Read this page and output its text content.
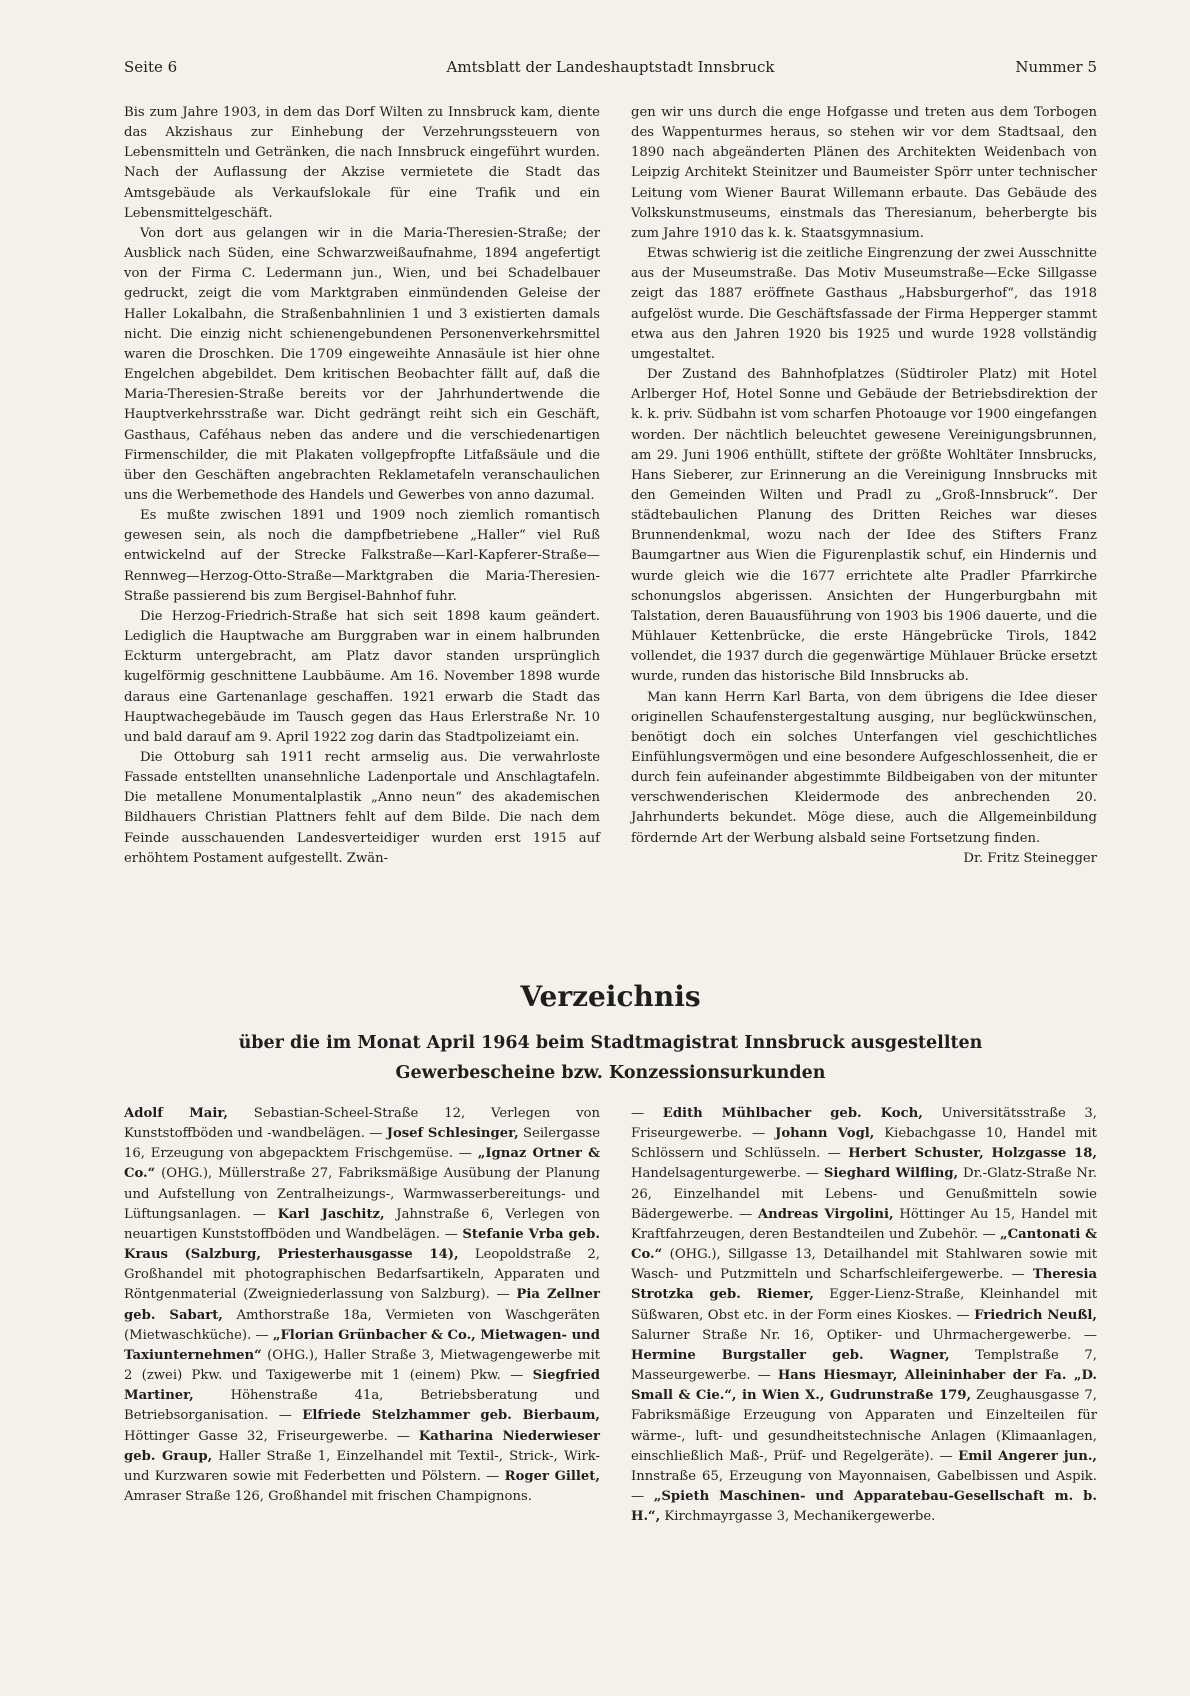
Seite 6	Amtsblatt der Landeshauptstadt Innsbruck	Nummer 5

Bis zum Jahre 1903, in dem das Dorf Wilten zu Innsbruck kam, diente das Akzishaus zur Einhebung der Verzehrungssteuern von Lebensmitteln und Getränken, die nach Innsbruck eingeführt wurden. Nach der Auflassung der Akzise vermietete die Stadt das Amtsgebäude als Verkaufslokale für eine Trafik und ein Lebensmittelgeschäft.

Von dort aus gelangen wir in die Maria-Theresien-Straße; der Ausblick nach Süden, eine Schwarzweißaufnahme, 1894 angefertigt von der Firma C. Ledermann jun., Wien, und bei Schadelbauer gedruckt, zeigt die vom Marktgraben einmündenden Geleise der Haller Lokalbahn, die Straßenbahnlinien 1 und 3 existierten damals nicht. Die einzig nicht schienengebundenen Personenverkehrsmittel waren die Droschken. Die 1709 eingeweihte Annasäule ist hier ohne Engelchen abgebildet. Dem kritischen Beobachter fällt auf, daß die Maria-Theresien-Straße bereits vor der Jahrhundertwende die Hauptverkehrsstraße war. Dicht gedrängt reiht sich ein Geschäft, Gasthaus, Caféhaus neben das andere und die verschiedenartigen Firmenschilder, die mit Plakaten vollgepfropfte Litfaßsäule und die über den Geschäften angebrachten Reklametafeln veranschaulichen uns die Werbemethode des Handels und Gewerbes von anno dazumal.

Es mußte zwischen 1891 und 1909 noch ziemlich romantisch gewesen sein, als noch die dampfbetriebene „Haller“ viel Ruß entwickelnd auf der Strecke Falkstraße—Karl-Kapferer-Straße—Rennweg—Herzog-Otto-Straße—Marktgraben die Maria-Theresien-Straße passierend bis zum Bergisel-Bahnhof fuhr.

Die Herzog-Friedrich-Straße hat sich seit 1898 kaum geändert. Lediglich die Hauptwache am Burggraben war in einem halbrunden Eckturm untergebracht, am Platz davor standen ursprünglich kugelförmig geschnittene Laubbäume. Am 16. November 1898 wurde daraus eine Gartenanlage geschaffen. 1921 erwarb die Stadt das Hauptwachegebäude im Tausch gegen das Haus Erlerstraße Nr. 10 und bald darauf am 9. April 1922 zog darin das Stadtpolizeiamt ein.

Die Ottoburg sah 1911 recht armselig aus. Die verwahrloste Fassade entstellten unansehnliche Ladenportale und Anschlagtafeln. Die metallene Monumentalplastik „Anno neun“ des akademischen Bildhauers Christian Plattners fehlt auf dem Bilde. Die nach dem Feinde ausschauenden Landesverteidiger wurden erst 1915 auf erhöhtem Postament aufgestellt. Zwän-

gen wir uns durch die enge Hofgasse und treten aus dem Torbogen des Wappenturmes heraus, so stehen wir vor dem Stadtsaal, den 1890 nach abgeänderten Plänen des Architekten Weidenbach von Leipzig Architekt Steinitzer und Baumeister Spörr unter technischer Leitung vom Wiener Baurat Willemann erbaute. Das Gebäude des Volkskunstmuseums, einstmals das Theresianum, beherbergte bis zum Jahre 1910 das k. k. Staatsgymnasium.

Etwas schwierig ist die zeitliche Eingrenzung der zwei Ausschnitte aus der Museumstraße. Das Motiv Museumstraße—Ecke Sillgasse zeigt das 1887 eröffnete Gasthaus „Habsburgerhof“, das 1918 aufgelöst wurde. Die Geschäftsfassade der Firma Hepperger stammt etwa aus den Jahren 1920 bis 1925 und wurde 1928 vollständig umgestaltet.

Der Zustand des Bahnhofplatzes (Südtiroler Platz) mit Hotel Arlberger Hof, Hotel Sonne und Gebäude der Betriebsdirektion der k. k. priv. Südbahn ist vom scharfen Photoauge vor 1900 eingefangen worden. Der nächtlich beleuchtet gewesene Vereinigungsbrunnen, am 29. Juni 1906 enthüllt, stiftete der größte Wohltäter Innsbrucks, Hans Sieberer, zur Erinnerung an die Vereinigung Innsbrucks mit den Gemeinden Wilten und Pradl zu „Groß-Innsbruck“. Der städtebaulichen Planung des Dritten Reiches war dieses Brunnendenkmal, wozu nach der Idee des Stifters Franz Baumgartner aus Wien die Figurenplastik schuf, ein Hindernis und wurde gleich wie die 1677 errichtete alte Pradler Pfarrkirche schonungslos abgerissen. Ansichten der Hungerburgbahn mit Talstation, deren Bauausführung von 1903 bis 1906 dauerte, und die Mühlauer Kettenbrücke, die erste Hängebrücke Tirols, 1842 vollendet, die 1937 durch die gegenwärtige Mühlauer Brücke ersetzt wurde, runden das historische Bild Innsbrucks ab.

Man kann Herrn Karl Barta, von dem übrigens die Idee dieser originellen Schaufenstergestaltung ausging, nur beglückwünschen, benötigt doch ein solches Unterfangen viel geschichtliches Einfühlungsvermögen und eine besondere Aufgeschlossenheit, die er durch fein aufeinander abgestimmte Bildbeigaben von der mitunter verschwenderischen Kleidermode des anbrechenden 20. Jahrhunderts bekundet. Möge diese, auch die Allgemeinbildung fördernde Art der Werbung alsbald seine Fortsetzung finden.
Dr. Fritz Steinegger

Verzeichnis
über die im Monat April 1964 beim Stadtmagistrat Innsbruck ausgestellten
Gewerbescheine bzw. Konzessionsurkunden

Adolf Mair, Sebastian-Scheel-Straße 12, Verlegen von Kunststoffböden und -wandbelägen. — Josef Schlesinger, Seilergasse 16, Erzeugung von abgepacktem Frischgemüse. — „Ignaz Ortner & Co.“ (OHG.), Müllerstraße 27, Fabriksmäßige Ausübung der Planung und Aufstellung von Zentralheizungs-, Warmwasserbereitungs- und Lüftungsanlagen. — Karl Jaschitz, Jahnstraße 6, Verlegen von neuartigen Kunststoffböden und Wandbelägen. — Stefanie Vrba geb. Kraus (Salzburg, Priesterhausgasse 14), Leopoldstraße 2, Großhandel mit photographischen Bedarfsartikeln, Apparaten und Röntgenmaterial (Zweigniederlassung von Salzburg). — Pia Zellner geb. Sabart, Amthorstraße 18a, Vermieten von Waschgeräten (Mietwaschküche). — „Florian Grünbacher & Co., Mietwagen- und Taxiunternehmen“ (OHG.), Haller Straße 3, Mietwagengewerbe mit 2 (zwei) Pkw. und Taxigewerbe mit 1 (einem) Pkw. — Siegfried Martiner, Höhenstraße 41a, Betriebsberatung und Betriebsorganisation. — Elfriede Stelzhammer geb. Bierbaum, Höttinger Gasse 32, Friseurgewerbe. — Katharina Niederwieser geb. Graup, Haller Straße 1, Einzelhandel mit Textil-, Strick-, Wirk- und Kurzwaren sowie mit Federbetten und Pölstern. — Roger Gillet, Amraser Straße 126, Großhandel mit frischen Champignons.

— Edith Mühlbacher geb. Koch, Universitätsstraße 3, Friseurgewerbe. — Johann Vogl, Kiebachgasse 10, Handel mit Schlössern und Schlüsseln. — Herbert Schuster, Holzgasse 18, Handelsagenturgewerbe. — Sieghard Wilfling, Dr.-Glatz-Straße Nr. 26, Einzelhandel mit Lebens- und Genußmitteln sowie Bädergewerbe. — Andreas Virgolini, Höttinger Au 15, Handel mit Kraftfahrzeugen, deren Bestandteilen und Zubehör. — „Cantonati & Co.“ (OHG.), Sillgasse 13, Detailhandel mit Stahlwaren sowie mit Wasch- und Putzmitteln und Scharfschleifergewerbe. — Theresia Strotzka geb. Riemer, Egger-Lienz-Straße, Kleinhandel mit Süßwaren, Obst etc. in der Form eines Kioskes. — Friedrich Neußl, Salurner Straße Nr. 16, Optiker- und Uhrmachergewerbe. — Hermine Burgstaller geb. Wagner, Templstraße 7, Masseurgewerbe. — Hans Hiesmayr, Alleininhaber der Fa. „D. Small & Cie.“, in Wien X., Gudrunstraße 179, Zeughausgasse 7, Fabriksmäßige Erzeugung von Apparaten und Einzelteilen für wärme-, luft- und gesundheitstechnische Anlagen (Klimaanlagen, einschließlich Maß-, Prüf- und Regelgeräte). — Emil Angerer jun., Innstraße 65, Erzeugung von Mayonnaisen, Gabelbissen und Aspik. — „Spieth Maschinen- und Apparatebau-Gesellschaft m. b. H.“, Kirchmayrgasse 3, Mechanikergewerbe.
